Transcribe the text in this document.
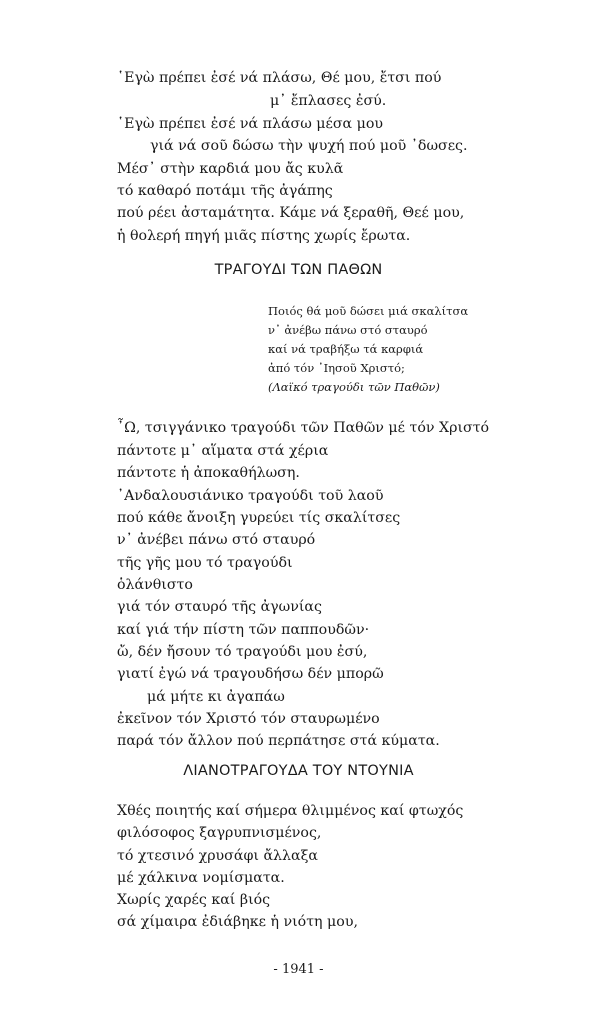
῾Εγὼ πρέπει ἐσέ νά πλάσω, Θέ μου, ἔτσι πού
μ᾿ ἔπλασες ἐσύ.
῾Εγὼ πρέπει ἐσέ νά πλάσω μέσα μου
γιά νά σοῦ δώσω τὴν ψυχή πού μοῦ ᾿δωσες.
Μέσ᾿ στὴν καρδιά μου ἄς κυλᾶ
τό καθαρό ποτάμι τῆς ἀγάπης
πού ρέει ἀσταμάτητα. Κάμε νά ξεραθῆ, Θεέ μου,
ἡ θολερή πηγή μιᾶς πίστης χωρίς ἔρωτα.
ΤΡΑΓΟΥΔΙ ΤΩΝ ΠΑΘΩΝ
Ποιός θά μοῦ δώσει μιά σκαλίτσα
ν᾿ ἀνέβω πάνω στό σταυρό
καί νά τραβήξω τά καρφιά
ἀπό τόν ᾿Ιησοῦ Χριστό;
(Λαϊκό τραγούδι τῶν Παθῶν)
῏Ω, τσιγγάνικο τραγούδι τῶν Παθῶν μέ τόν Χριστό
πάντοτε μ᾿ αἵματα στά χέρια
πάντοτε ἡ ἀποκαθήλωση.
᾿Ανδαλουσιάνικο τραγούδι τοῦ λαοῦ
πού κάθε ἄνοιξη γυρεύει τίς σκαλίτσες
ν᾿ ἀνέβει πάνω στό σταυρό
τῆς γῆς μου τό τραγούδι
ὁλάνθιστο
γιά τόν σταυρό τῆς ἀγωνίας
καί γιά τήν πίστη τῶν παππουδῶν·
ὤ, δέν ἤσουν τό τραγούδι μου ἐσύ,
γιατί ἐγώ νά τραγουδήσω δέν μπορῶ
μά μήτε κι ἀγαπάω
ἐκεῖνον τόν Χριστό τόν σταυρωμένο
παρά τόν ἄλλον πού περπάτησε στά κύματα.
ΛΙΑΝΟΤΡΑΓΟΥΔΑ ΤΟΥ ΝΤΟΥΝΙΑ
Χθές ποιητής καί σήμερα θλιμμένος καί φτωχός
φιλόσοφος ξαγρυπνισμένος,
τό χτεσινό χρυσάφι ἄλλαξα
μέ χάλκινα νομίσματα.
Χωρίς χαρές καί βιός
σά χίμαιρα ἐδιάβηκε ἡ νιότη μου,
- 1941 -
